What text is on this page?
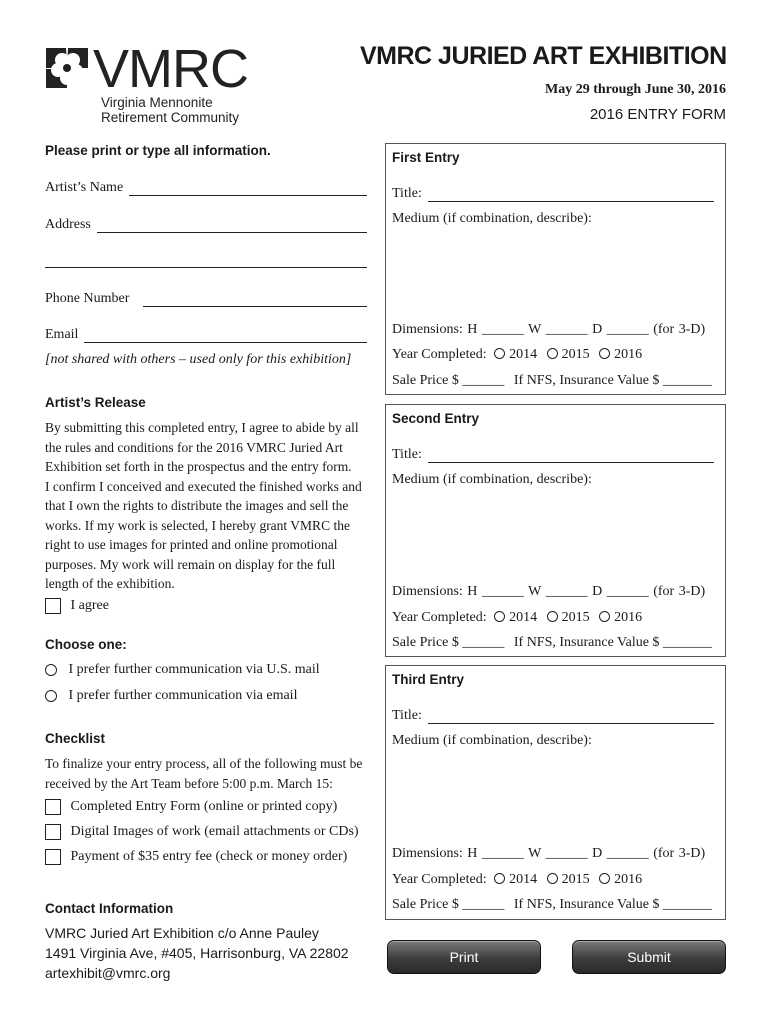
VMRC
Virginia Mennonite
Retirement Community
VMRC JURIED ART EXHIBITION
May 29 through June 30, 2016
2016 ENTRY FORM
Please print or type all information.
Artist’s Name
Address
Phone Number
Email
[not shared with others – used only for this exhibition]
Artist’s Release
By submitting this completed entry, I agree to abide by all
the rules and conditions for the 2016 VMRC Juried Art
Exhibition set forth in the prospectus and the entry form.
I confirm I conceived and executed the finished works and
that I own the rights to distribute the images and sell the
works. If my work is selected, I hereby grant VMRC the
right to use images for printed and online promotional
purposes. My work will remain on display for the full
length of the exhibition.
I agree
Choose one:
I prefer further communication via U.S. mail
I prefer further communication via email
Checklist
To finalize your entry process, all of the following must be
received by the Art Team before 5:00 p.m. March 15:
Completed Entry Form (online or printed copy)
Digital Images of work (email attachments or CDs)
Payment of $35 entry fee (check or money order)
Contact Information
VMRC Juried Art Exhibition c/o Anne Pauley
1491 Virginia Ave, #405, Harrisonburg, VA 22802
artexhibit@vmrc.org
First Entry
Title:
Medium (if combination, describe):
Dimensions: H ______ W ______ D ______ (for 3-D)
Year Completed: 2014 2015 2016
Sale Price $ ______ If NFS, Insurance Value $ _______
Second Entry
Title:
Medium (if combination, describe):
Dimensions: H ______ W ______ D ______ (for 3-D)
Year Completed: 2014 2015 2016
Sale Price $ ______ If NFS, Insurance Value $ _______
Third Entry
Title:
Medium (if combination, describe):
Dimensions: H ______ W ______ D ______ (for 3-D)
Year Completed: 2014 2015 2016
Sale Price $ ______ If NFS, Insurance Value $ _______
Print	Submit
